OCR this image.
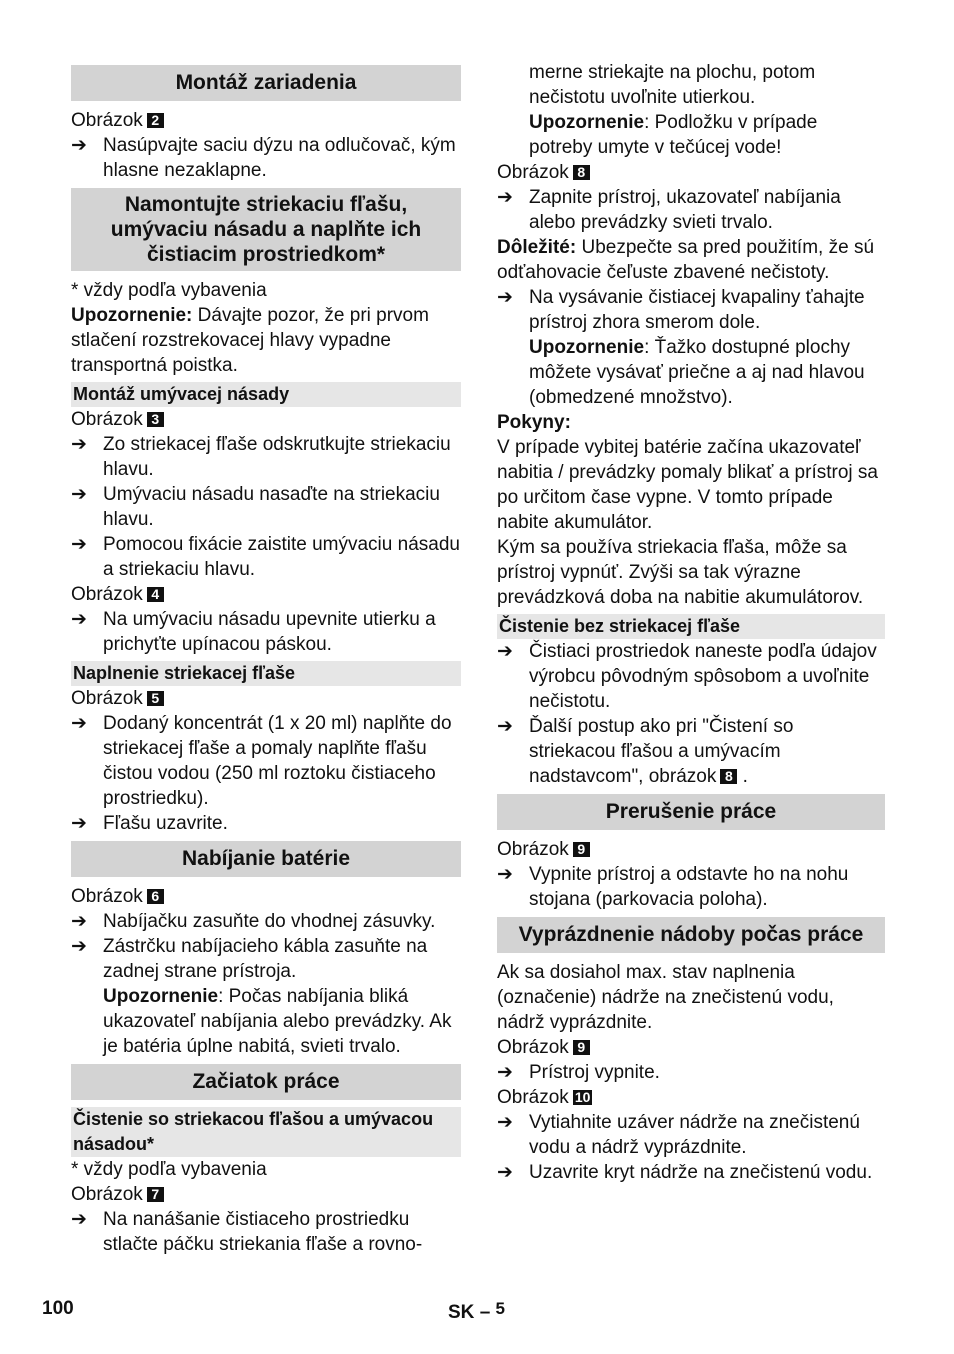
Montáž zariadenia
Obrázok 2
➔ Nasúpvajte saciu dýzu na odlučovač, kým hlasne nezaklapne.
Namontujte striekaciu fľašu, umývaciu násadu a naplňte ich čistiacim prostriedkom*
* vždy podľa vybavenia
Upozornenie: Dávajte pozor, že pri prvom stlačení rozstrekovacej hlavy vypadne transportná poistka.
Montáž umývacej násady
Obrázok 3
➔ Zo striekacej fľaše odskrutkujte striekaciu hlavu.
➔ Umývaciu násadu nasaďte na striekaciu hlavu.
➔ Pomocou fixácie zaistite umývaciu násadu a striekaciu hlavu.
Obrázok 4
➔ Na umývaciu násadu upevnite utierku a prichyťte upínacou páskou.
Naplnenie striekacej fľaše
Obrázok 5
➔ Dodaný koncentrát (1 x 20 ml) naplňte do striekacej fľaše a pomaly naplňte fľašu čistou vodou (250 ml roztoku čistiaceho prostriedku).
➔ Fľašu uzavrite.
Nabíjanie batérie
Obrázok 6
➔ Nabíjačku zasuňte do vhodnej zásuvky.
➔ Zástrčku nabíjacieho kábla zasuňte na zadnej strane prístroja.
Upozornenie: Počas nabíjania bliká ukazovateľ nabíjania alebo prevádzky. Ak je batéria úplne nabitá, svieti trvalo.
Začiatok práce
Čistenie so striekacou fľašou a umývacou násadou*
* vždy podľa vybavenia
Obrázok 7
➔ Na nanášanie čistiaceho prostriedku stlačte páčku striekania fľaše a rovno-
merne striekajte na plochu, potom nečistotu uvoľnite utierkou.
Upozornenie: Podložku v prípade potreby umyte v tečúcej vode!
Obrázok 8
➔ Zapnite prístroj, ukazovateľ nabíjania alebo prevádzky svieti trvalo.
Dôležité: Ubezpečte sa pred použitím, že sú odťahovacie čeľuste zbavené nečistoty.
➔ Na vysávanie čistiacej kvapaliny ťahajte prístroj zhora smerom dole.
Upozornenie: Ťažko dostupné plochy môžete vysávať priečne a aj nad hlavou (obmedzené množstvo).
Pokyny:
V prípade vybitej batérie začína ukazovateľ nabitia / prevádzky pomaly blikať a prístroj sa po určitom čase vypne. V tomto prípade nabite akumulátor.
Kým sa používa striekacia fľaša, môže sa prístroj vypnúť. Zvýši sa tak výrazne prevádzková doba na nabitie akumulátorov.
Čistenie bez striekacej fľaše
➔ Čistiaci prostriedok naneste podľa údajov výrobcu pôvodným spôsobom a uvoľnite nečistotu.
➔ Ďalší postup ako pri "Čistení so striekacou fľašou a umývacím nadstavcom", obrázok 8 .
Prerušenie práce
Obrázok 9
➔ Vypnite prístroj a odstavte ho na nohu stojana (parkovacia poloha).
Vyprázdnenie nádoby počas práce
Ak sa dosiahol max. stav naplnenia (označenie) nádrže na znečistenú vodu, nádrž vyprázdnite.
Obrázok 9
➔ Prístroj vypnite.
Obrázok 10
➔ Vytiahnite uzáver nádrže na znečistenú vodu a nádrž vyprázdnite.
➔ Uzavrite kryt nádrže na znečistenú vodu.
100	SK – $^5$
